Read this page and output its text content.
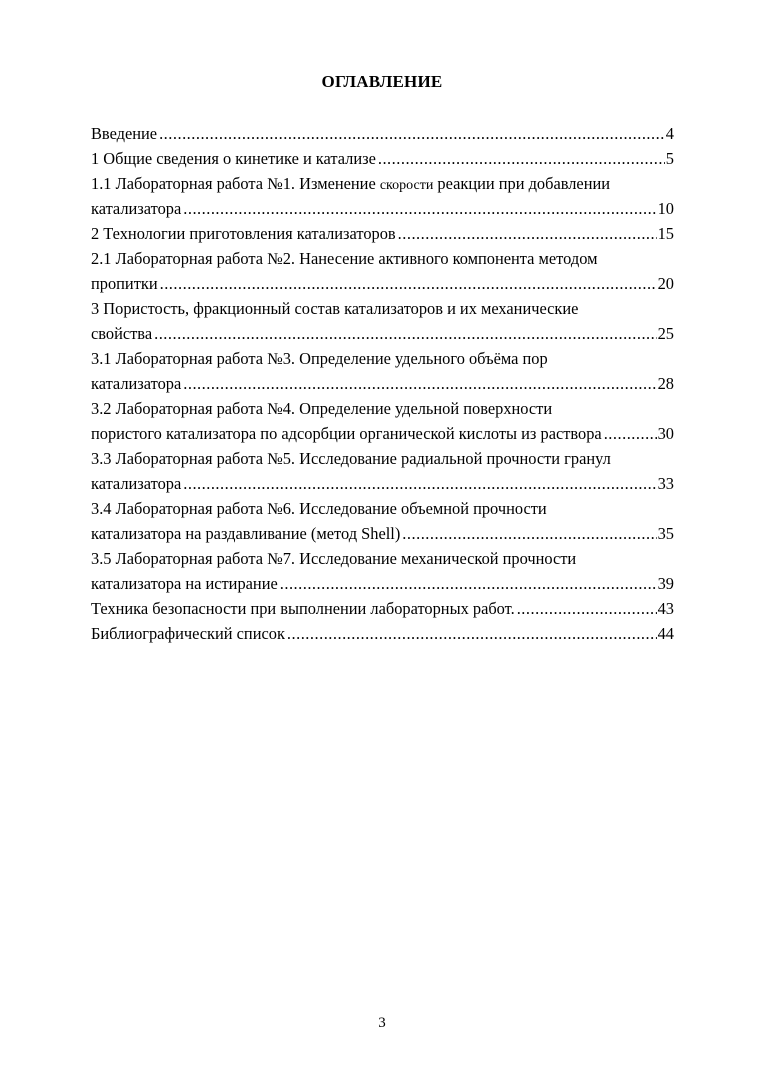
ОГЛАВЛЕНИЕ
Введение .....	4
1 Общие сведения о кинетике и катализе .....	5
1.1 Лабораторная работа №1. Изменение скорости реакции при добавлении
катализатора .....	10
2 Технологии приготовления катализаторов .....	15
2.1 Лабораторная работа №2. Нанесение активного компонента методом
пропитки .....	20
3 Пористость, фракционный состав катализаторов и их механические
свойства .....	25
3.1 Лабораторная работа №3. Определение удельного объёма пор
катализатора .....	28
3.2 Лабораторная работа №4. Определение удельной поверхности
пористого катализатора по адсорбции органической кислоты из раствора .....	30
3.3 Лабораторная работа №5. Исследование радиальной прочности гранул
катализатора .....	33
3.4 Лабораторная работа №6. Исследование объемной прочности
катализатора на раздавливание (метод Shell) .....	35
3.5 Лабораторная работа №7. Исследование механической прочности
катализатора на истирание .....	39
Техника безопасности при выполнении лабораторных работ. .....	43
Библиографический список .....	44
3
